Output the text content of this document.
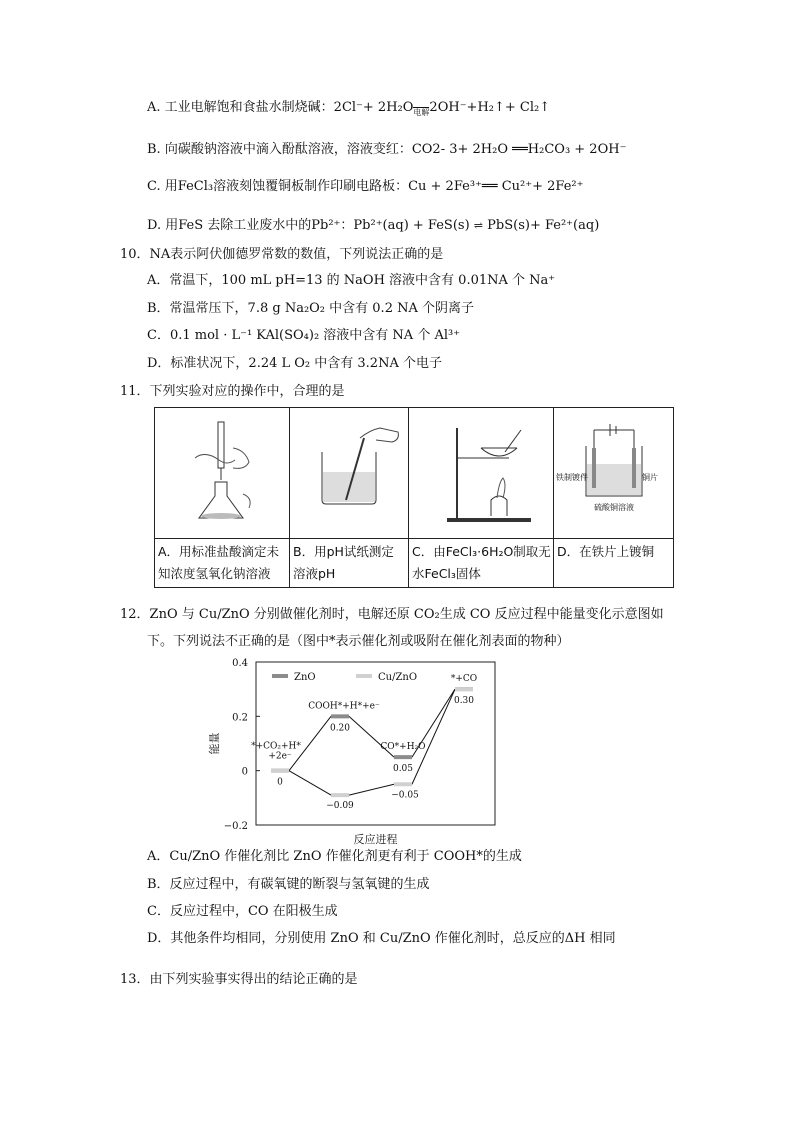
A. 工业电解饱和食盐水制烧碱：$2Cl^-+ 2H_2O_{电解}2OH^-+H_2↑+$ Cl₂↑
B. 向碳酸钠溶液中滴入酚酞溶液，溶液变红：CO2- 3+ 2H₂O ══H₂CO₃ + 2OH⁻
C. 用FeCl₃溶液刻蚀覆铜板制作印刷电路板：Cu + 2Fe³⁺══ Cu²⁺+ 2Fe²⁺
D. 用FeS 去除工业废水中的Pb²⁺：Pb²⁺(aq) + FeS(s) ⇌ PbS(s)+ Fe²⁺(aq)
10．NA表示阿伏伽德罗常数的数值，下列说法正确的是
A．常温下，100 mL pH=13 的 NaOH 溶液中含有 0.01NA 个 Na⁺
B．常温常压下，7.8 g Na₂O₂ 中含有 0.2 NA 个阴离子
C．0.1 mol · L⁻¹ KAl(SO₄)₂ 溶液中含有 NA 个 Al³⁺
D．标准状况下，2.24 L O₂ 中含有 3.2NA 个电子
11．下列实验对应的操作中，合理的是

铁制镀件 铜片
硫酸铜溶液

A．用标准盐酸滴定未知浓度氢氧化钠溶液	B．用pH试纸测定溶液pH	C．由FeCl₃·6H₂O制取无水FeCl₃固体	D．在铁片上镀铜
12．ZnO 与 Cu/ZnO 分别做催化剂时，电解还原 CO₂生成 CO 反应过程中能量变化示意图如
下。下列说法不正确的是（图中*表示催化剂或吸附在催化剂表面的物种）
0.4
0.2
0
−0.2
能量
反应进程
ZnO	Cu/ZnO
0
0.20
0.05
0.30
−0.09
−0.05
*+CO₂+H*
+2e⁻
COOH*+H*+e⁻
CO*+H₂O
*+CO
A．Cu/ZnO 作催化剂比 ZnO 作催化剂更有利于 COOH*的生成
B．反应过程中，有碳氧键的断裂与氢氧键的生成
C．反应过程中，CO 在阳极生成
D．其他条件均相同，分别使用 ZnO 和 Cu/ZnO 作催化剂时，总反应的ΔH 相同
13．由下列实验事实得出的结论正确的是
